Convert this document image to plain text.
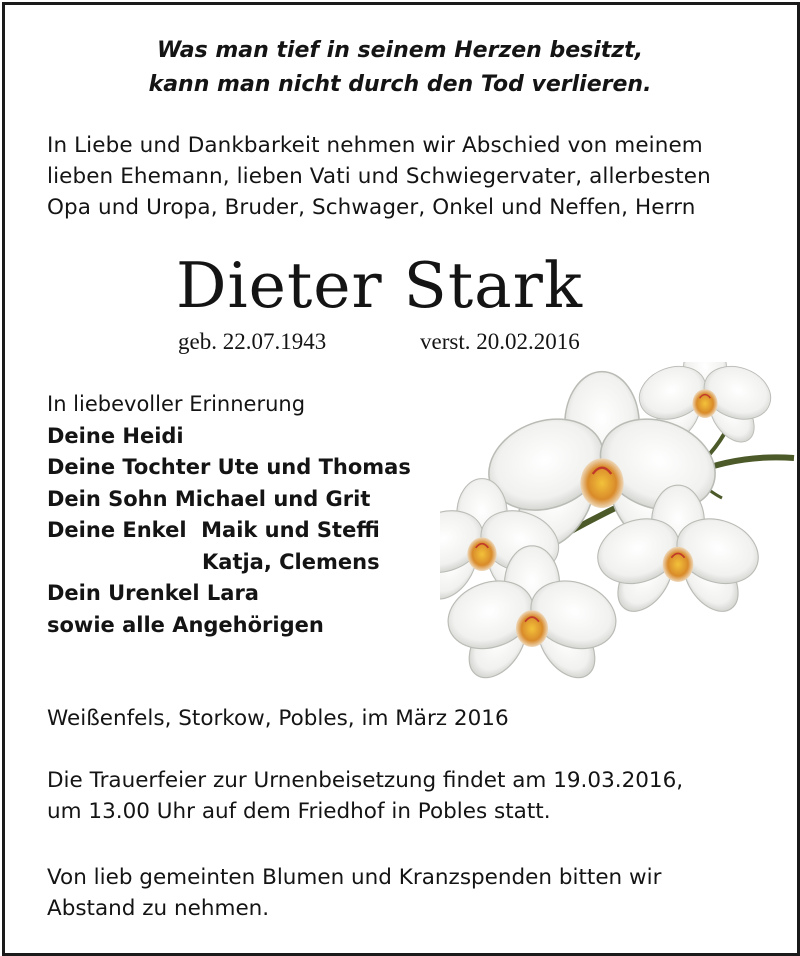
Was man tief in seinem Herzen besitzt,
kann man nicht durch den Tod verlieren.
In Liebe und Dankbarkeit nehmen wir Abschied von meinem
lieben Ehemann, lieben Vati und Schwiegervater, allerbesten
Opa und Uropa, Bruder, Schwager, Onkel und Neffen, Herrn
Dieter Stark
geb. 22.07.1943	verst. 20.02.2016
In liebevoller Erinnerung
Deine Heidi
Deine Tochter Ute und Thomas
Dein Sohn Michael und Grit
Deine Enkel  Maik und Steffi
Katja, Clemens
Dein Urenkel Lara
sowie alle Angehörigen
Weißenfels, Storkow, Pobles, im März 2016
Die Trauerfeier zur Urnenbeisetzung findet am 19.03.2016,
um 13.00 Uhr auf dem Friedhof in Pobles statt.
Von lieb gemeinten Blumen und Kranzspenden bitten wir
Abstand zu nehmen.
